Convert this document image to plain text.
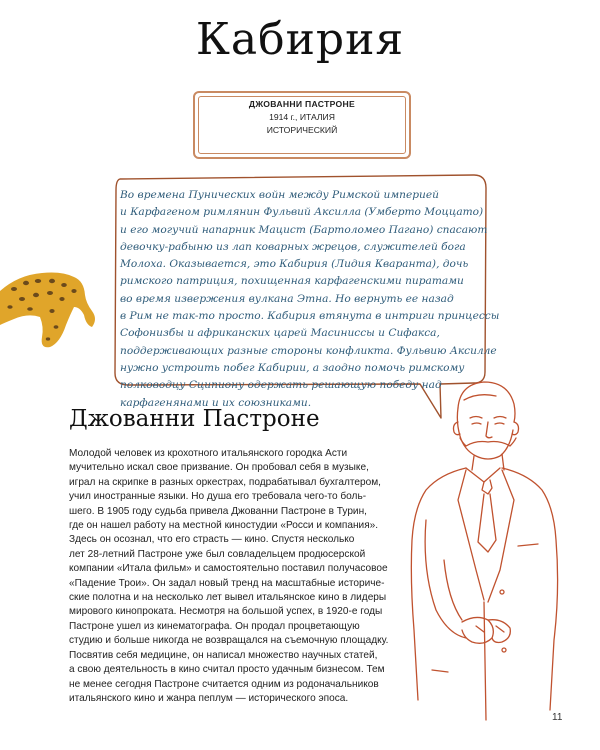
Кабирия
ДЖОВАННИ ПАСТРОНЕ
1914 г., ИТАЛИЯ
ИСТОРИЧЕСКИЙ
Во времена Пунических войн между Римской империей
и Карфагеном римлянин Фульвий Аксилла (Умберто Моццато)
и его могучий напарник Мацист (Бартоломео Пагано) спасают
девочку-рабыню из лап коварных жрецов, служителей бога
Молоха. Оказывается, это Кабирия (Лидия Кваранта), дочь
римского патриция, похищенная карфагенскими пиратами
во время извержения вулкана Этна. Но вернуть ее назад
в Рим не так-то просто. Кабирия втянута в интриги принцессы
Софонизбы и африканских царей Масиниссы и Сифакса,
поддерживающих разные стороны конфликта. Фульвию Аксилле
нужно устроить побег Кабирии, а заодно помочь римскому
полководцу Сципиону одержать решающую победу над
карфагенянами и их союзниками.
Джованни Пастроне
Молодой человек из крохотного итальянского городка Асти
мучительно искал свое призвание. Он пробовал себя в музыке,
играл на скрипке в разных оркестрах, подрабатывал бухгалтером,
учил иностранные языки. Но душа его требовала чего-то боль-
шего. В 1905 году судьба привела Джованни Пастроне в Турин,
где он нашел работу на местной киностудии «Росси и компания».
Здесь он осознал, что его страсть — кино. Спустя несколько
лет 28-летний Пастроне уже был совладельцем продюсерской
компании «Итала фильм» и самостоятельно поставил получасовое
«Падение Трои». Он задал новый тренд на масштабные историче-
ские полотна и на несколько лет вывел итальянское кино в лидеры
мирового кинопроката. Несмотря на большой успех, в 1920-е годы
Пастроне ушел из кинематографа. Он продал процветающую
студию и больше никогда не возвращался на съемочную площадку.
Посвятив себя медицине, он написал множество научных статей,
а свою деятельность в кино считал просто удачным бизнесом. Тем
не менее сегодня Пастроне считается одним из родоначальников
итальянского кино и жанра пеплум — исторического эпоса.
11
